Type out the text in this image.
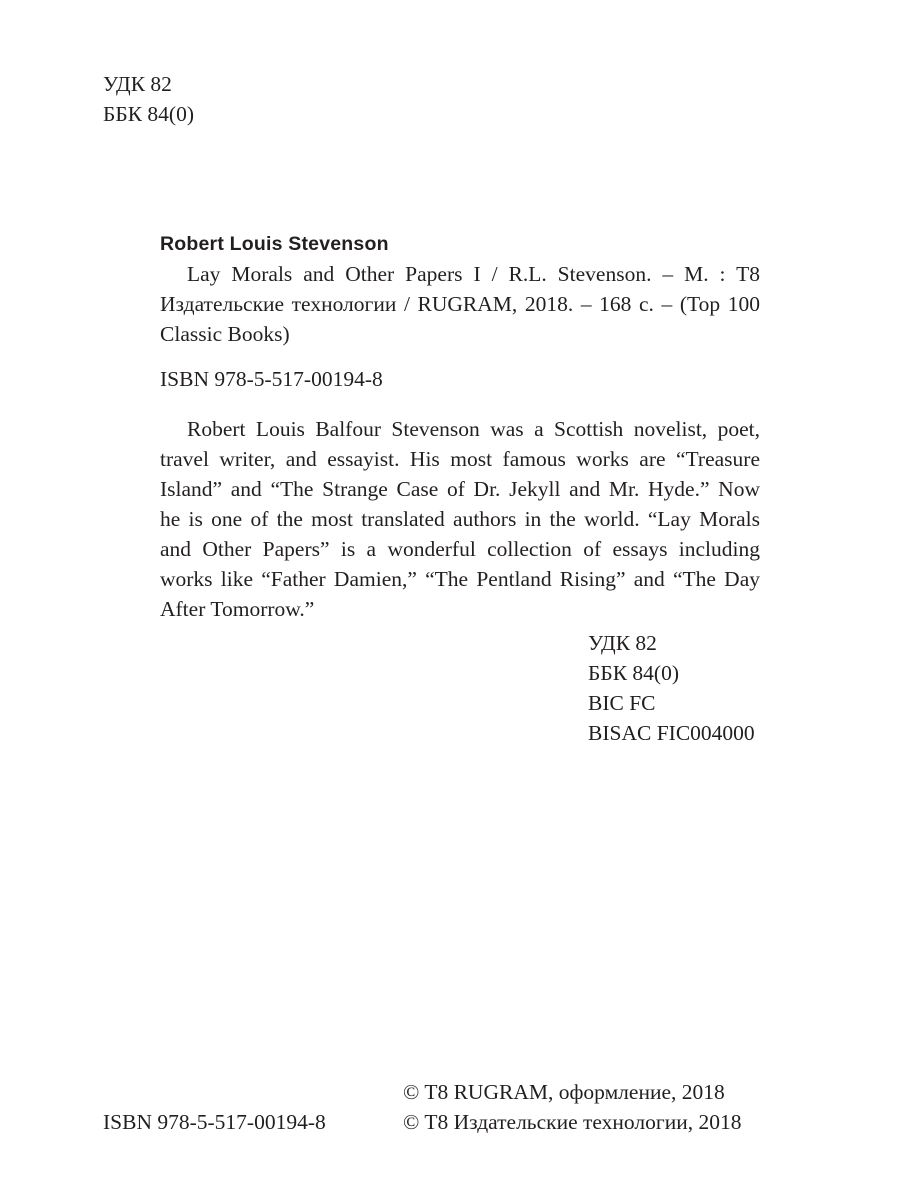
УДК 82
ББК 84(0)
Robert Louis Stevenson
Lay Morals and Other Papers I / R.L. Stevenson. – M. : T8
Издательские технологии / RUGRAM, 2018. – 168 с. – (Top 100
Classic Books)
ISBN 978-5-517-00194-8
Robert Louis Balfour Stevenson was a Scottish novelist, poet,
travel writer, and essayist. His most famous works are “Treasure
Island” and “The Strange Case of Dr. Jekyll and Mr. Hyde.” Now
he is one of the most translated authors in the world. “Lay Morals
and Other Papers” is a wonderful collection of essays including
works like “Father Damien,” “The Pentland Rising” and “The Day
After Tomorrow.”
УДК 82
ББК 84(0)
BIC FC
BISAC FIC004000
ISBN 978-5-517-00194-8
© T8 RUGRAM, оформление, 2018
© T8 Издательские технологии, 2018
